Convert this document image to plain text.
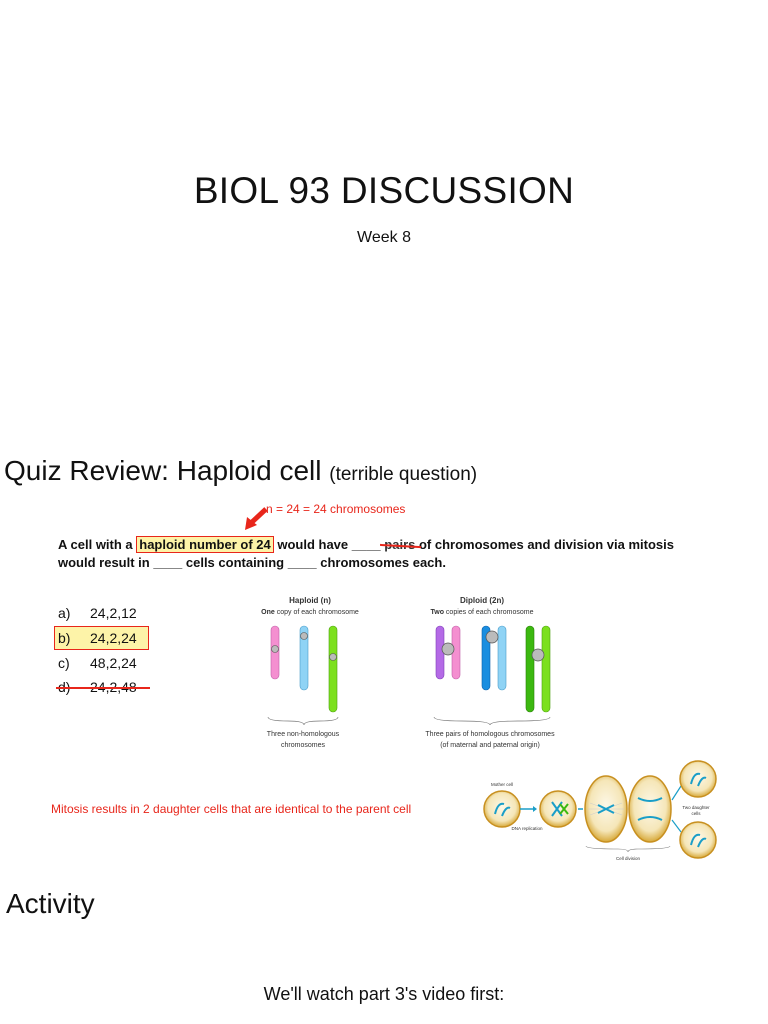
BIOL 93 DISCUSSION
Week 8
Quiz Review: Haploid cell (terrible question)
n = 24 = 24 chromosomes
A cell with a haploid number of 24 would have ____ pairs of chromosomes and division via mitosis
would result in ____ cells containing ____ chromosomes each.
a) 24,2,12
b) 24,2,24
c) 48,2,24
d) 24,2,48
Haploid (n)
One copy of each chromosome
Three non-homologous
chromosomes
Diploid (2n)
Two copies of each chromosome
Three pairs of homologous chromosomes
(of maternal and paternal origin)
Mitosis results in 2 daughter cells that are identical to the parent cell
Mother cell
DNA replication
Cell division
Two daughter
cells
Activity
We'll watch part 3's video first:
